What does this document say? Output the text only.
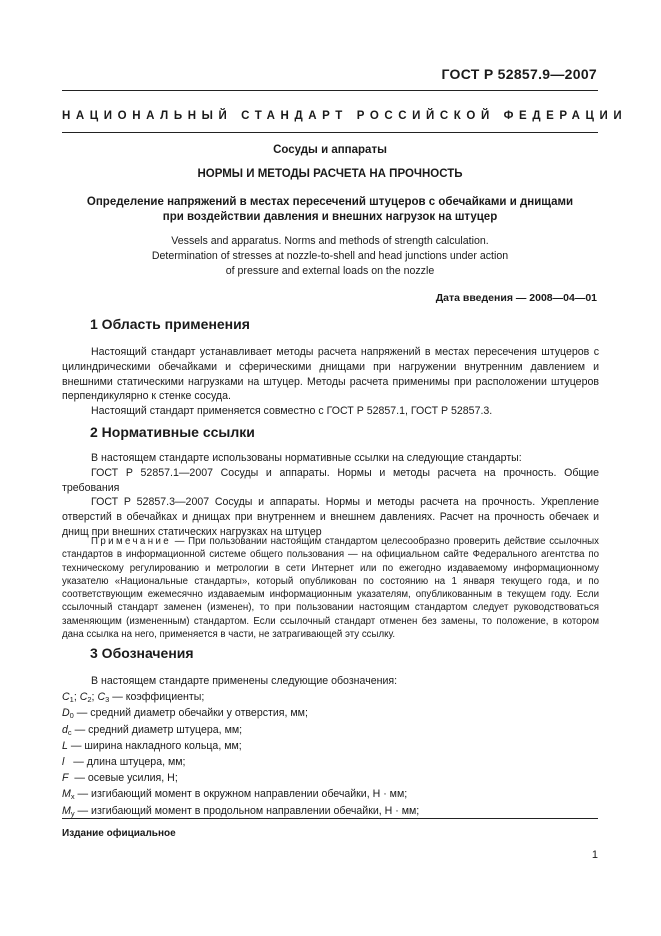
ГОСТ Р 52857.9—2007
НАЦИОНАЛЬНЫЙ СТАНДАРТ РОССИЙСКОЙ ФЕДЕРАЦИИ
Сосуды и аппараты
НОРМЫ И МЕТОДЫ РАСЧЕТА НА ПРОЧНОСТЬ
Определение напряжений в местах пересечений штуцеров с обечайками и днищами
при воздействии давления и внешних нагрузок на штуцер
Vessels and apparatus. Norms and methods of strength calculation.
Determination of stresses at nozzle-to-shell and head junctions under action
of pressure and external loads on the nozzle
Дата введения — 2008—04—01
1 Область применения

Настоящий стандарт устанавливает методы расчета напряжений в местах пересечения штуцеров с цилиндрическими обечайками и сферическими днищами при нагружении внутренним давлением и внешними статическими нагрузками на штуцер. Методы расчета применимы при расположении штуцеров перпендикулярно к стенке сосуда.

Настоящий стандарт применяется совместно с ГОСТ Р 52857.1, ГОСТ Р 52857.3.

2 Нормативные ссылки

В настоящем стандарте использованы нормативные ссылки на следующие стандарты:

ГОСТ Р 52857.1—2007 Сосуды и аппараты. Нормы и методы расчета на прочность. Общие требования

ГОСТ Р 52857.3—2007 Сосуды и аппараты. Нормы и методы расчета на прочность. Укрепление отверстий в обечайках и днищах при внутреннем и внешнем давлениях. Расчет на прочность обечаек и днищ при внешних статических нагрузках на штуцер

Примечание — При пользовании настоящим стандартом целесообразно проверить действие ссылочных стандартов в информационной системе общего пользования — на официальном сайте Федерального агентства по техническому регулированию и метрологии в сети Интернет или по ежегодно издаваемому информационному указателю «Национальные стандарты», который опубликован по состоянию на 1 января текущего года, и по соответствующим ежемесячно издаваемым информационным указателям, опубликованным в текущем году. Если ссылочный стандарт заменен (изменен), то при пользовании настоящим стандартом следует руководствоваться заменяющим (измененным) стандартом. Если ссылочный стандарт отменен без замены, то положение, в котором дана ссылка на него, применяется в части, не затрагивающей эту ссылку.

3 Обозначения
В настоящем стандарте применены следующие обозначения:
$C_1$; $C_2$; $C_3$ — коэффициенты;
$D_0$ — средний диаметр обечайки у отверстия, мм;
$d_c$ — средний диаметр штуцера, мм;
L — ширина накладного кольца, мм;
l   — длина штуцера, мм;
F  — осевые усилия, Н;
$M_x$ — изгибающий момент в окружном направлении обечайки, Н · мм;
$M_y$ — изгибающий момент в продольном направлении обечайки, Н · мм;
Издание официальное
1
